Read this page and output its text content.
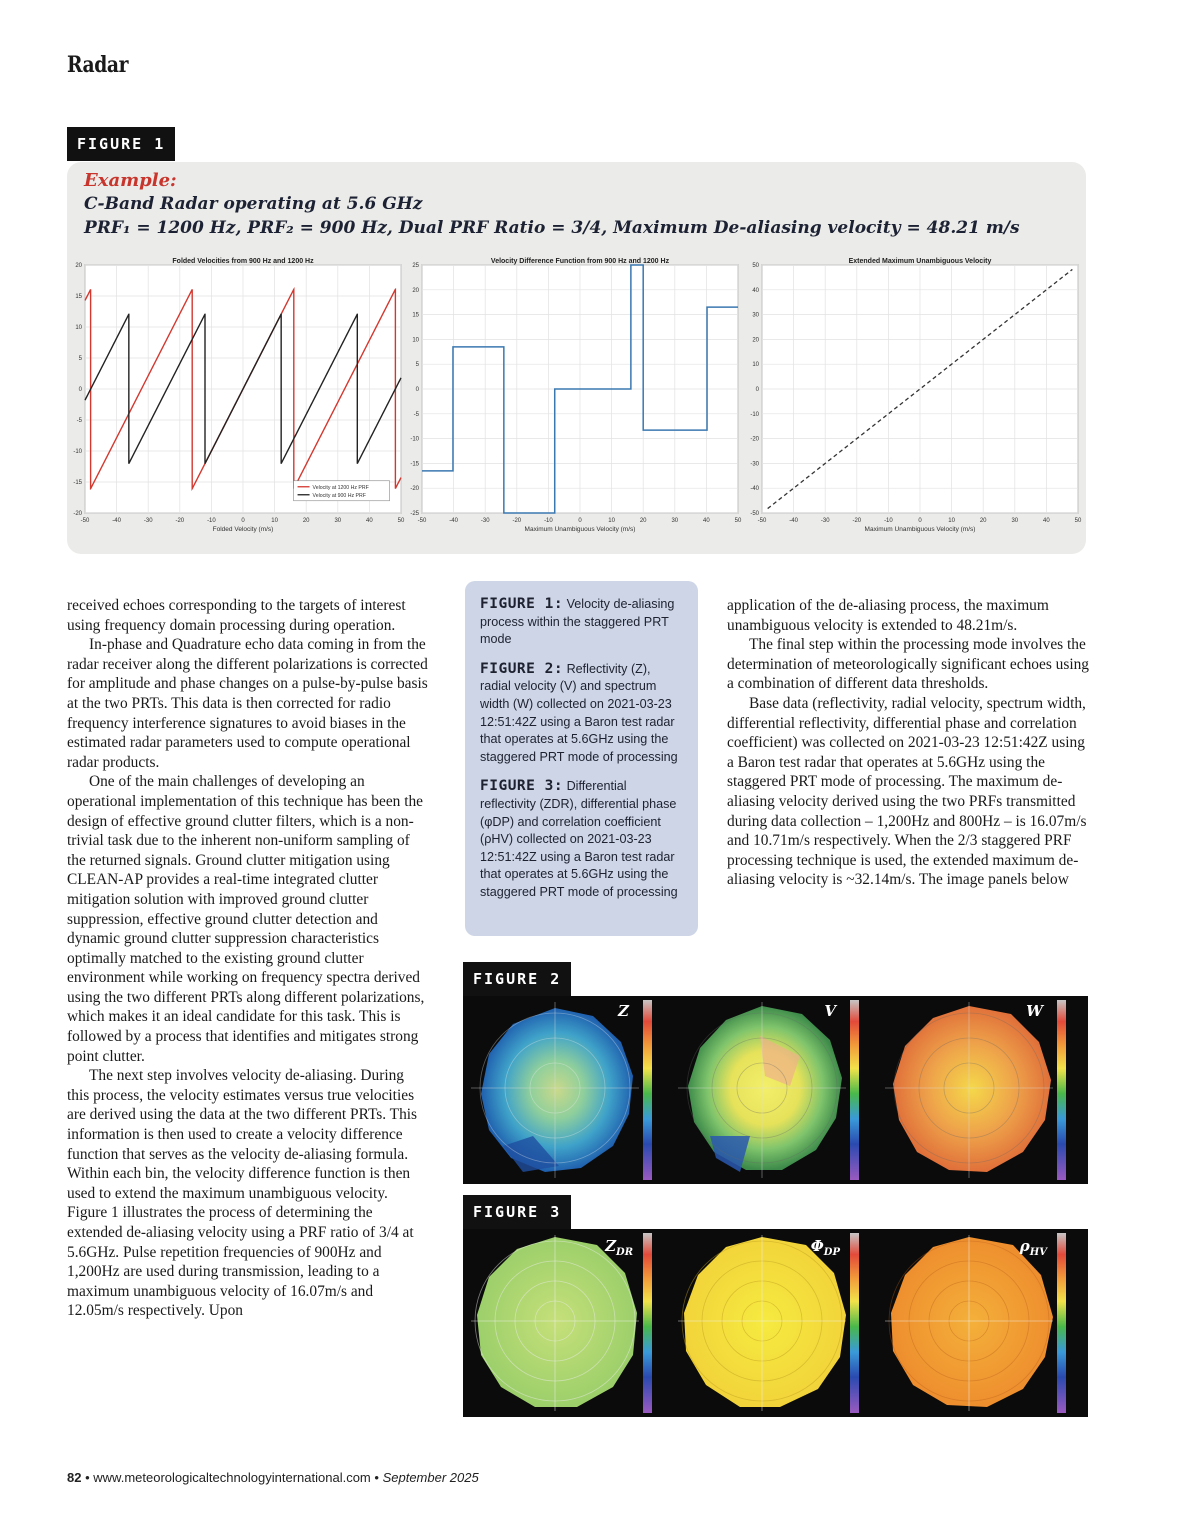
Radar
FIGURE 1
Example:
C-Band Radar operating at 5.6 GHz
PRF₁ = 1200 Hz, PRF₂ = 900 Hz, Dual PRF Ratio = 3/4, Maximum De-aliasing velocity = 48.21 m/s
-50	-40	-30	-20	-10	0	10	20	30	40	50
20
15
10
5
0
-5
-10
-15
-20
Folded Velocities from 900 Hz and 1200 Hz
Folded Velocity (m/s)
Velocity at 1200 Hz PRF
Velocity at 900 Hz PRF
-50	-40	-30	-20	-10	0	10	20	30	40	50
25
20
15
10
5
0
-5
-10
-15
-20
-25
Velocity Difference Function from 900 Hz and 1200 Hz
Maximum Unambiguous Velocity (m/s)
-50	-40	-30	-20	-10	0	10	20	30	40	50
50
40
30
20
10
0
-10
-20
-30
-40
-50
Extended Maximum Unambiguous Velocity
Maximum Unambiguous Velocity (m/s)

received echoes corresponding to the targets of interest using frequency domain processing during operation.

In-phase and Quadrature echo data coming in from the radar receiver along the different polarizations is corrected for amplitude and phase changes on a pulse-by-pulse basis at the two PRTs. This data is then corrected for radio frequency interference signatures to avoid biases in the estimated radar parameters used to compute operational radar products.

One of the main challenges of developing an operational implementation of this technique has been the design of effective ground clutter filters, which is a non-trivial task due to the inherent non-uniform sampling of the returned signals. Ground clutter mitigation using CLEAN-AP provides a real-time integrated clutter mitigation solution with improved ground clutter suppression, effective ground clutter detection and dynamic ground clutter suppression characteristics optimally matched to the existing ground clutter environment while working on frequency spectra derived using the two different PRTs along different polarizations, which makes it an ideal candidate for this task. This is followed by a process that identifies and mitigates strong point clutter.

The next step involves velocity de-aliasing. During this process, the velocity estimates versus true velocities are derived using the data at the two different PRTs. This information is then used to create a velocity difference function that serves as the velocity de-aliasing formula. Within each bin, the velocity difference function is then used to extend the maximum unambiguous velocity. Figure 1 illustrates the process of determining the extended de-aliasing velocity using a PRF ratio of 3/4 at 5.6GHz. Pulse repetition frequencies of 900Hz and 1,200Hz are used during transmission, leading to a maximum unambiguous velocity of 16.07m/s and 12.05m/s respectively. Upon

FIGURE 1: Velocity de-aliasing process within the staggered PRT mode
FIGURE 2: Reflectivity (Z), radial velocity (V) and spectrum width (W) collected on 2021-03-23 12:51:42Z using a Baron test radar that operates at 5.6GHz using the staggered PRT mode of processing
FIGURE 3: Differential reflectivity (ZDR), differential phase (φDP) and correlation coefficient (ρHV) collected on 2021-03-23 12:51:42Z using a Baron test radar that operates at 5.6GHz using the staggered PRT mode of processing

application of the de-aliasing process, the maximum unambiguous velocity is extended to 48.21m/s.

The final step within the processing mode involves the determination of meteorologically significant echoes using a combination of different data thresholds.

Base data (reflectivity, radial velocity, spectrum width, differential reflectivity, differential phase and correlation coefficient) was collected on 2021-03-23 12:51:42Z using a Baron test radar that operates at 5.6GHz using the staggered PRT mode of processing. The maximum de-aliasing velocity derived using the two PRFs transmitted during data collection – 1,200Hz and 800Hz – is 16.07m/s and 10.71m/s respectively. When the 2/3 staggered PRF processing technique is used, the extended maximum de-aliasing velocity is ~32.14m/s. The image panels below

FIGURE 2
Z	V	W
FIGURE 3
$Z_{DR}$	$\Phi_{DP}$	$\rho_{HV}$
82 • www.meteorologicaltechnologyinternational.com • September 2025
